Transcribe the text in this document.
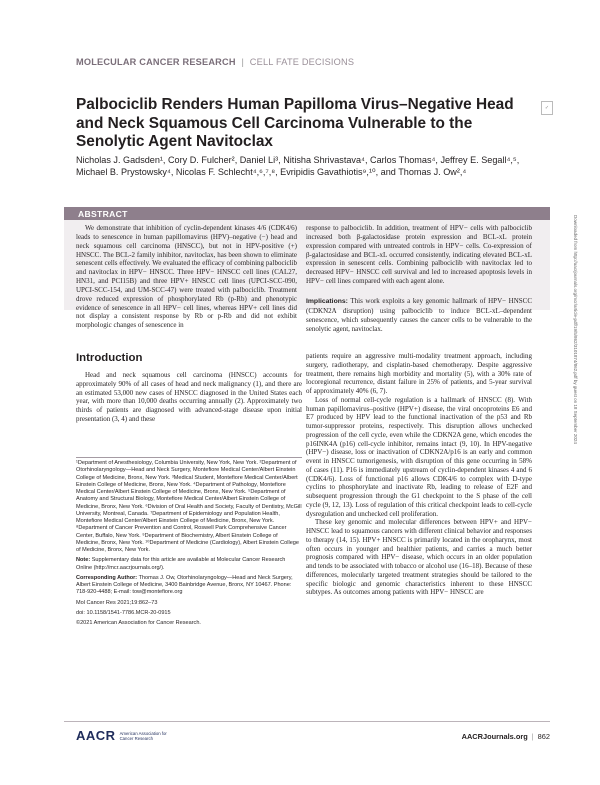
MOLECULAR CANCER RESEARCH | CELL FATE DECISIONS
✓
Palbociclib Renders Human Papilloma Virus–Negative Head and Neck Squamous Cell Carcinoma Vulnerable to the Senolytic Agent Navitoclax
Nicholas J. Gadsden¹, Cory D. Fulcher², Daniel Li³, Nitisha Shrivastava⁴, Carlos Thomas⁴, Jeffrey E. Segall⁴,⁵, Michael B. Prystowsky⁴, Nicolas F. Schlecht⁴,⁶,⁷,⁸, Evripidis Gavathiotis⁹,¹⁰, and Thomas J. Ow²,⁴
ABSTRACT

We demonstrate that inhibition of cyclin-dependent kinases 4/6 (CDK4/6) leads to senescence in human papillomavirus (HPV)–negative (−) head and neck squamous cell carcinoma (HNSCC), but not in HPV-positive (+) HNSCC. The BCL-2 family inhibitor, navitoclax, has been shown to eliminate senescent cells effectively. We evaluated the efficacy of combining palbociclib and navitoclax in HPV− HNSCC. Three HPV− HNSCC cell lines (CAL27, HN31, and PCI15B) and three HPV+ HNSCC cell lines (UPCI-SCC-090, UPCI-SCC-154, and UM-SCC-47) were treated with palbociclib. Treatment drove reduced expression of phosphorylated Rb (p-Rb) and phenotypic evidence of senescence in all HPV− cell lines, whereas HPV+ cell lines did not display a consistent response by Rb or p-Rb and did not exhibit morphologic changes of senescence in

response to palbociclib. In addition, treatment of HPV− cells with palbociclib increased both β-galactosidase protein expression and BCL-xL protein expression compared with untreated controls in HPV− cells. Co-expression of β-galactosidase and BCL-xL occurred consistently, indicating elevated BCL-xL expression in senescent cells. Combining palbociclib with navitoclax led to decreased HPV− HNSCC cell survival and led to increased apoptosis levels in HPV− cell lines compared with each agent alone.

Implications: This work exploits a key genomic hallmark of HPV− HNSCC (CDKN2A disruption) using palbociclib to induce BCL-xL–dependent senescence, which subsequently causes the cancer cells to be vulnerable to the senolytic agent, navitoclax.
Introduction

Head and neck squamous cell carcinoma (HNSCC) accounts for approximately 90% of all cases of head and neck malignancy (1), and there are an estimated 53,000 new cases of HNSCC diagnosed in the United States each year, with more than 10,000 deaths occurring annually (2). Approximately two thirds of patients are diagnosed with advanced-stage disease upon initial presentation (3, 4) and these

patients require an aggressive multi-modality treatment approach, including surgery, radiotherapy, and cisplatin-based chemotherapy. Despite aggressive treatment, there remains high morbidity and mortality (5), with a 30% rate of locoregional recurrence, distant failure in 25% of patients, and 5-year survival of approximately 40% (6, 7).

Loss of normal cell-cycle regulation is a hallmark of HNSCC (8). With human papillomavirus–positive (HPV+) disease, the viral oncoproteins E6 and E7 produced by HPV lead to the functional inactivation of the p53 and Rb tumor-suppressor proteins, respectively. This disruption allows unchecked progression of the cell cycle, even while the CDKN2A gene, which encodes the p16INK4A (p16) cell-cycle inhibitor, remains intact (9, 10). In HPV-negative (HPV−) disease, loss or inactivation of CDKN2A/p16 is an early and common event in HNSCC tumorigenesis, with disruption of this gene occurring in 58% of cases (11). P16 is immediately upstream of cyclin-dependent kinases 4 and 6 (CDK4/6). Loss of functional p16 allows CDK4/6 to complex with D-type cyclins to phosphorylate and inactivate Rb, leading to release of E2F and subsequent progression through the G1 checkpoint to the S phase of the cell cycle (9, 12, 13). Loss of regulation of this critical checkpoint leads to cell-cycle dysregulation and unchecked cell proliferation.

These key genomic and molecular differences between HPV+ and HPV− HNSCC lead to squamous cancers with different clinical behavior and responses to therapy (14, 15). HPV+ HNSCC is primarily located in the oropharynx, most often occurs in younger and healthier patients, and carries a much better prognosis compared with HPV− disease, which occurs in an older population and tends to be associated with tobacco or alcohol use (16–18). Because of these differences, molecularly targeted treatment strategies should be tailored to the specific biologic and genomic characteristics inherent to these HNSCC subtypes. As outcomes among patients with HPV− HNSCC are

¹Department of Anesthesiology, Columbia University, New York, New York. ²Department of Otorhinolaryngology—Head and Neck Surgery, Montefiore Medical Center/Albert Einstein College of Medicine, Bronx, New York. ³Medical Student, Montefiore Medical Center/Albert Einstein College of Medicine, Bronx, New York. ⁴Department of Pathology, Montefiore Medical Center/Albert Einstein College of Medicine, Bronx, New York. ⁵Department of Anatomy and Structural Biology, Montefiore Medical Center/Albert Einstein College of Medicine, Bronx, New York. ⁶Division of Oral Health and Society, Faculty of Dentistry, McGill University, Montreal, Canada. ⁷Department of Epidemiology and Population Health, Montefiore Medical Center/Albert Einstein College of Medicine, Bronx, New York. ⁸Department of Cancer Prevention and Control, Roswell Park Comprehensive Cancer Center, Buffalo, New York. ⁹Department of Biochemistry, Albert Einstein College of Medicine, Bronx, New York. ¹⁰Department of Medicine (Cardiology), Albert Einstein College of Medicine, Bronx, New York.

Note: Supplementary data for this article are available at Molecular Cancer Research Online (http://mcr.aacrjournals.org/).

Corresponding Author: Thomas J. Ow, Otorhinolaryngology—Head and Neck Surgery, Albert Einstein College of Medicine, 3400 Bainbridge Avenue, Bronx, NY 10467. Phone: 718-920-4488; E-mail: tow@montefiore.org

Mol Cancer Res 2021;19:862–73

doi: 10.1158/1541-7786.MCR-20-0915

©2021 American Association for Cancer Research.

Downloaded from http://aacrjournals.org/mcr/article-pdf/19/5/862/3101874/862.pdf by guest on 18 September 2024
AACR American Association for Cancer Research	AACRJournals.org | 862
